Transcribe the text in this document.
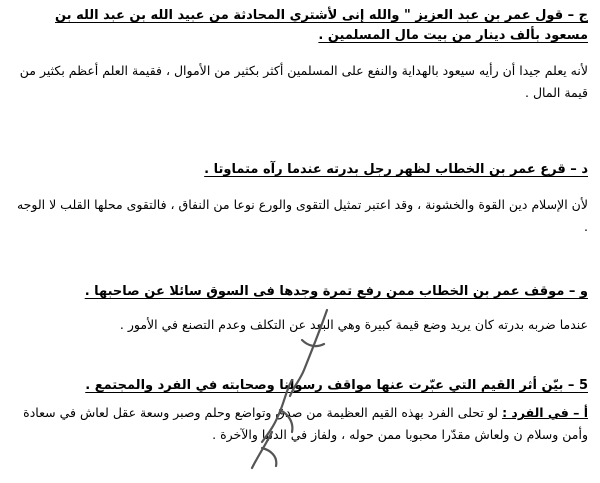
ج – قول عمر بن عبد العزيز " والله إنى لأشتري المحادثة من عبيد الله بن عبد الله بن مسعود بألف دينار من بيت مال المسلمين .
لأنه يعلم جيدا أن رأيه سيعود بالهداية والنفع على المسلمين أكثر بكثير من الأموال ، فقيمة العلم أعظم بكثير من قيمة المال .
د – قرع عمر بن الخطاب لظهر رجل بدرته عندما رآه متماوتا .
لأن الإسلام دين القوة والخشونة ، وقد اعتبر تمثيل التقوى والورع نوعا من النفاق ، فالتقوى محلها القلب لا الوجه .
و – موقف عمر بن الخطاب ممن رفع تمرة وجدها فى السوق سائلا عن صاحبها .
عندما ضربه بدرته كان يريد وضع قيمة كبيرة وهي البعد عن التكلف وعدم التصنع في الأمور .
5 – بيّن أثر القيم التي عبّرت عنها مواقف رسولنا وصحابته في الفرد والمجتمع .
أ – في الفرد : لو تحلى الفرد بهذه القيم العظيمة من صدق وتواضع وحلم وصبر وسعة عقل لعاش في سعادة وأمن وسلام ن ولعاش مقدّرا محبوبا ممن حوله ، ولفاز في الدنيا والآخرة .
